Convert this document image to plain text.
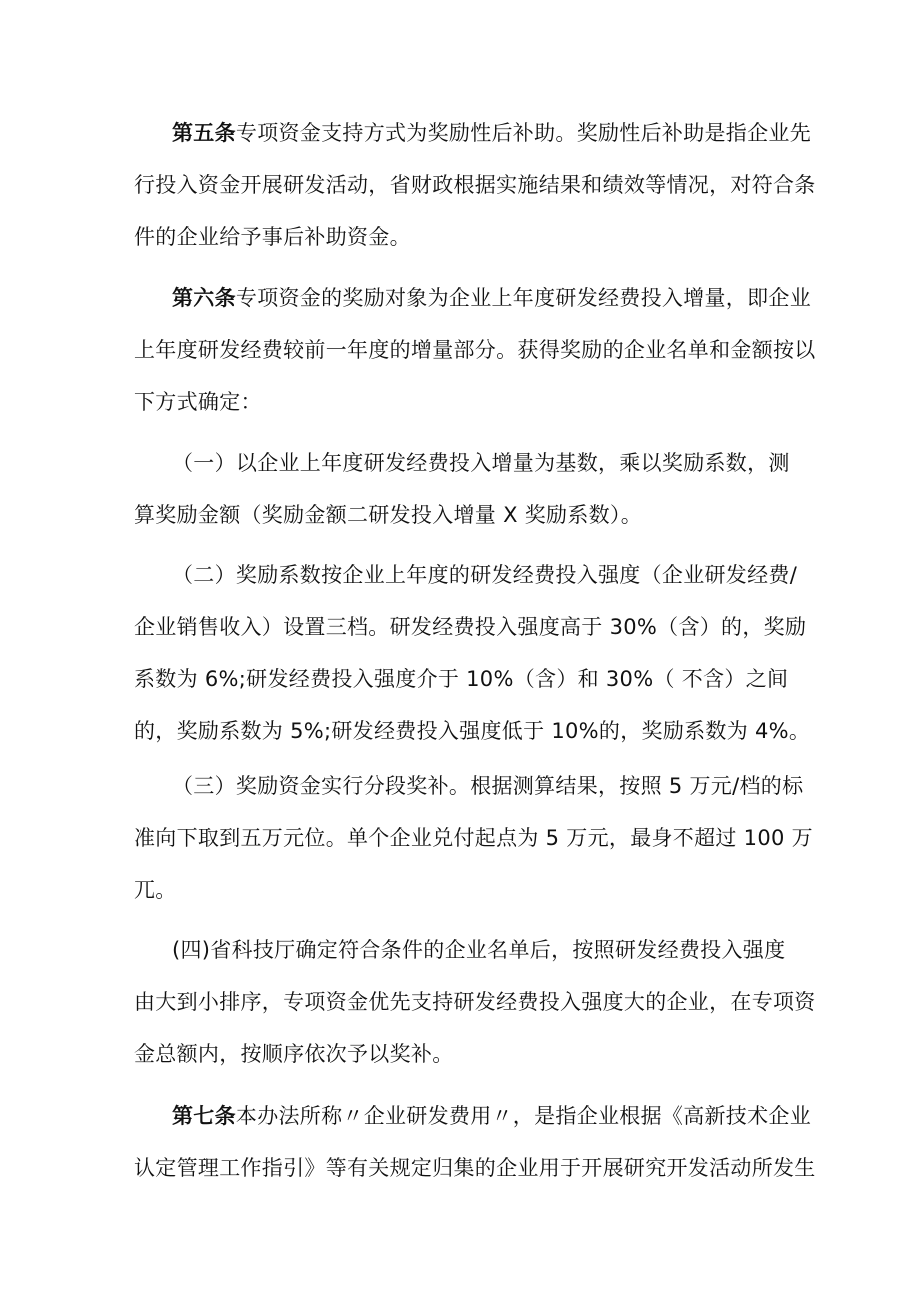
第五条专项资金支持方式为奖励性后补助。奖励性后补助是指企业先
行投入资金开展研发活动，省财政根据实施结果和绩效等情况，对符合条
件的企业给予事后补助资金。
第六条专项资金的奖励对象为企业上年度研发经费投入增量，即企业
上年度研发经费较前一年度的增量部分。获得奖励的企业名单和金额按以
下方式确定：
（一）以企业上年度研发经费投入增量为基数，乘以奖励系数，测
算奖励金额（奖励金额二研发投入增量 X 奖励系数）。
（二）奖励系数按企业上年度的研发经费投入强度（企业研发经费/
企业销售收入）设置三档。研发经费投入强度高于 30%（含）的，奖励
系数为 6%;研发经费投入强度介于 10%（含）和 30%（ 不含）之间
的，奖励系数为 5%;研发经费投入强度低于 10%的，奖励系数为 4%。
（三）奖励资金实行分段奖补。根据测算结果，按照 5 万元/档的标
准向下取到五万元位。单个企业兑付起点为 5 万元，最身不超过 100 万
兀。
(四)省科技厅确定符合条件的企业名单后，按照研发经费投入强度
由大到小排序，专项资金优先支持研发经费投入强度大的企业，在专项资
金总额内，按顺序依次予以奖补。
第七条本办法所称〃企业研发费用〃，是指企业根据《高新技术企业
认定管理工作指引》等有关规定归集的企业用于开展研究开发活动所发生
